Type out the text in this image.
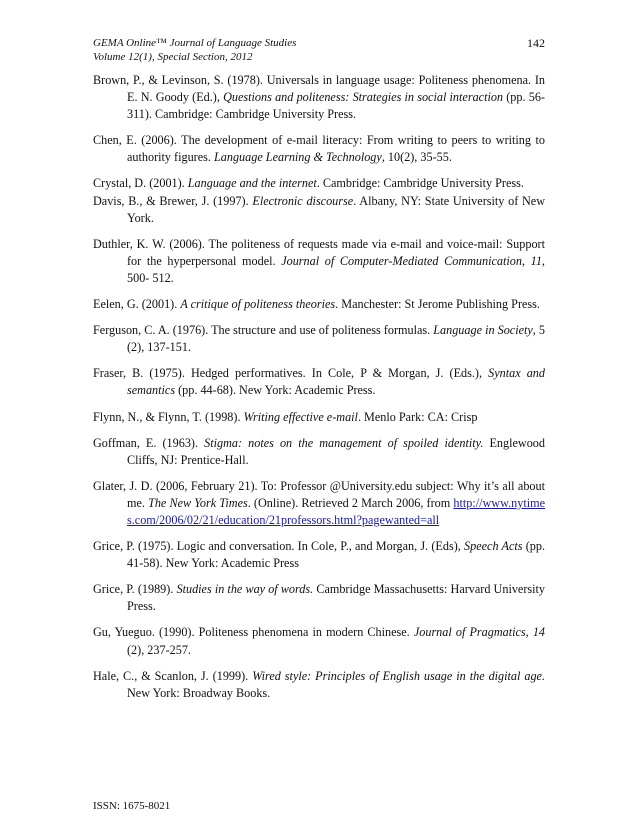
GEMA Online™ Journal of Language Studies
Volume 12(1), Special Section, 2012
142

Brown, P., & Levinson, S. (1978). Universals in language usage: Politeness phenomena. In E. N. Goody (Ed.), Questions and politeness: Strategies in social interaction (pp. 56- 311). Cambridge: Cambridge University Press.

Chen, E. (2006). The development of e-mail literacy: From writing to peers to writing to authority figures. Language Learning & Technology, 10(2), 35-55.

Crystal, D. (2001). Language and the internet. Cambridge: Cambridge University Press.

Davis, B., & Brewer, J. (1997). Electronic discourse. Albany, NY: State University of New York.

Duthler, K. W. (2006). The politeness of requests made via e-mail and voice-mail: Support for the hyperpersonal model. Journal of Computer-Mediated Communication, 11, 500- 512.

Eelen, G. (2001). A critique of politeness theories. Manchester: St Jerome Publishing Press.

Ferguson, C. A. (1976). The structure and use of politeness formulas. Language in Society, 5 (2), 137-151.

Fraser, B. (1975). Hedged performatives. In Cole, P & Morgan, J. (Eds.), Syntax and semantics (pp. 44-68). New York: Academic Press.

Flynn, N., & Flynn, T. (1998). Writing effective e-mail. Menlo Park: CA: Crisp

Goffman, E. (1963). Stigma: notes on the management of spoiled identity. Englewood Cliffs, NJ: Prentice-Hall.

Glater, J. D. (2006, February 21). To: Professor @University.edu subject: Why it’s all about me. The New York Times. (Online). Retrieved 2 March 2006, from http://www.nytimes.com/2006/02/21/education/21professors.html?pagewanted=all

Grice, P. (1975). Logic and conversation. In Cole, P., and Morgan, J. (Eds), Speech Acts (pp. 41-58). New York: Academic Press

Grice, P. (1989). Studies in the way of words. Cambridge Massachusetts: Harvard University Press.

Gu, Yueguo. (1990). Politeness phenomena in modern Chinese. Journal of Pragmatics, 14 (2), 237-257.

Hale, C., & Scanlon, J. (1999). Wired style: Principles of English usage in the digital age. New York: Broadway Books.

ISSN: 1675-8021
